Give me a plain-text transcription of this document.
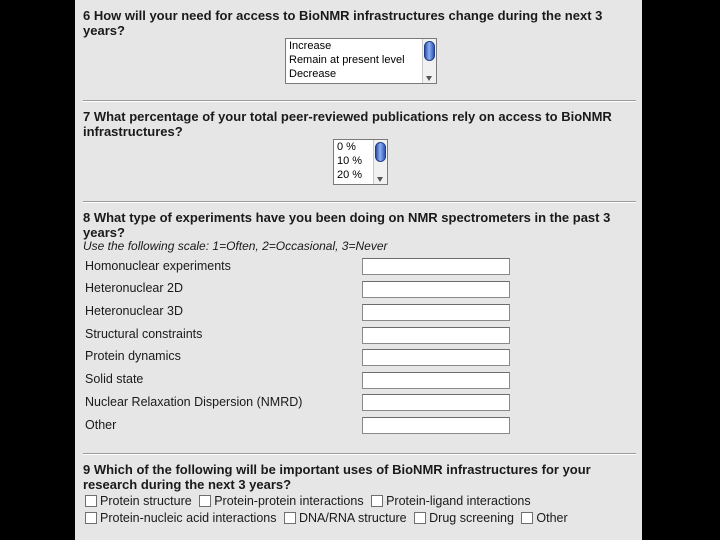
6 How will your need for access to BioNMR infrastructures change during the next 3 years?

Increase
Remain at present level
Decrease

7 What percentage of your total peer-reviewed publications rely on access to BioNMR infrastructures?

0 %
10 %
20 %

8 What type of experiments have you been doing on NMR spectrometers in the past 3 years?

Use the following scale: 1=Often, 2=Occasional, 3=Never
Homonuclear experiments
Heteronuclear 2D
Heteronuclear 3D
Structural constraints
Protein dynamics
Solid state
Nuclear Relaxation Dispersion (NMRD)
Other

9 Which of the following will be important uses of BioNMR infrastructures for your research during the next 3 years?

Protein structure
Protein-protein interactions
Protein-ligand interactions
Protein-nucleic acid interactions
DNA/RNA structure
Drug screening
Other
